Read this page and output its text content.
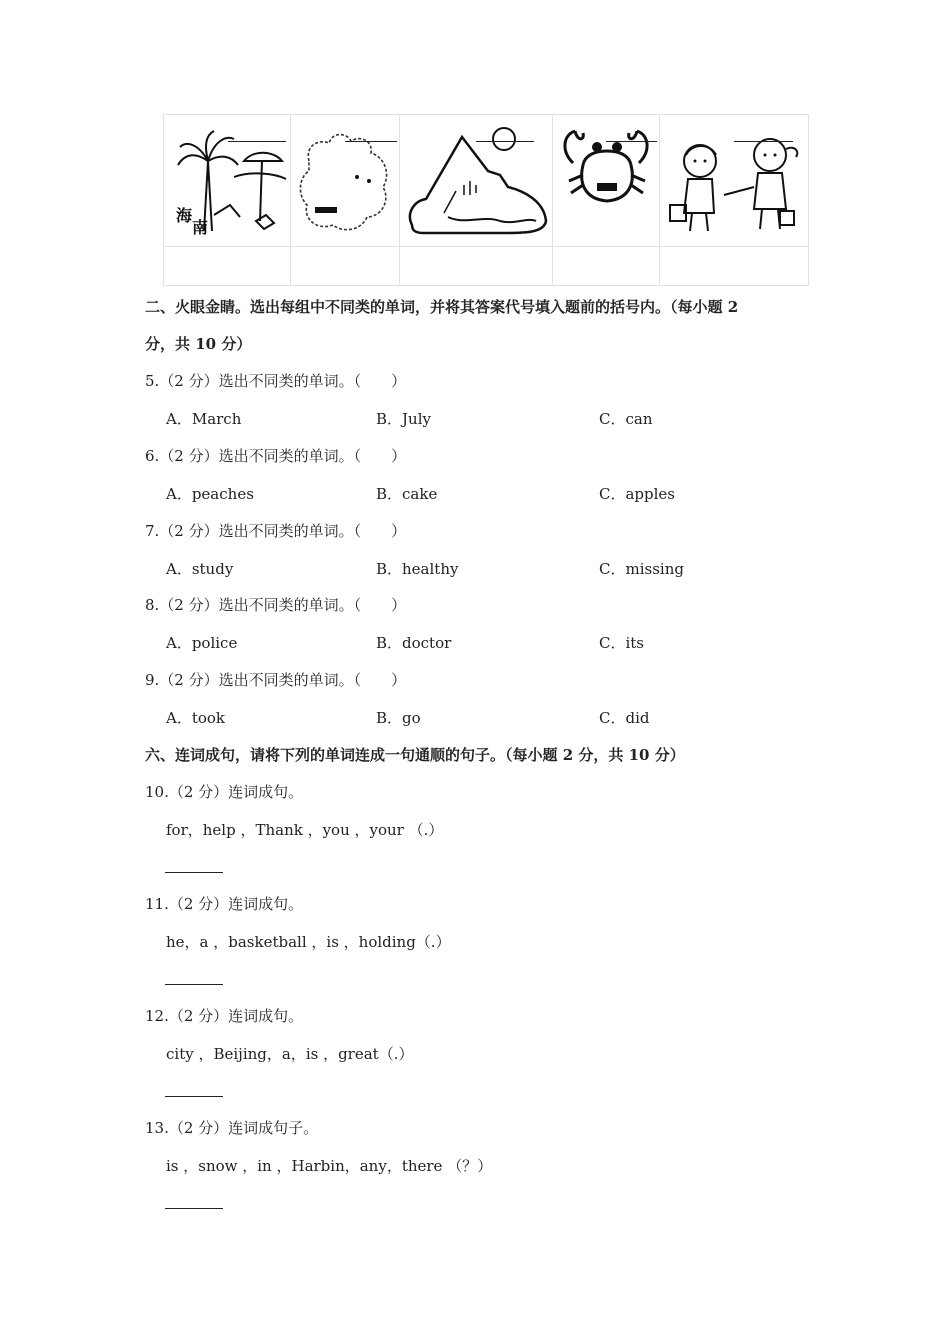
海
南
二、火眼金睛。选出每组中不同类的单词，并将其答案代号填入题前的括号内。（每小题 2
分，共 10 分）
5.（2 分）选出不同类的单词。（　　）
A．March	B．July	C．can
6.（2 分）选出不同类的单词。（　　）
A．peaches	B．cake	C．apples
7.（2 分）选出不同类的单词。（　　）
A．study	B．healthy	C．missing
8.（2 分）选出不同类的单词。（　　）
A．police	B．doctor	C．its
9.（2 分）选出不同类的单词。（　　）
A．took	B．go	C．did
六、连词成句，请将下列的单词连成一句通顺的句子。（每小题 2 分，共 10 分）
10.（2 分）连词成句。
for，help ，Thank ，you ，your （.）
11.（2 分）连词成句。
he，a ，basketball ，is ，holding（.）
12.（2 分）连词成句。
city ，Beijing，a，is ，great（.）
13.（2 分）连词成句子。
is ，snow ，in ，Harbin，any，there （？）
